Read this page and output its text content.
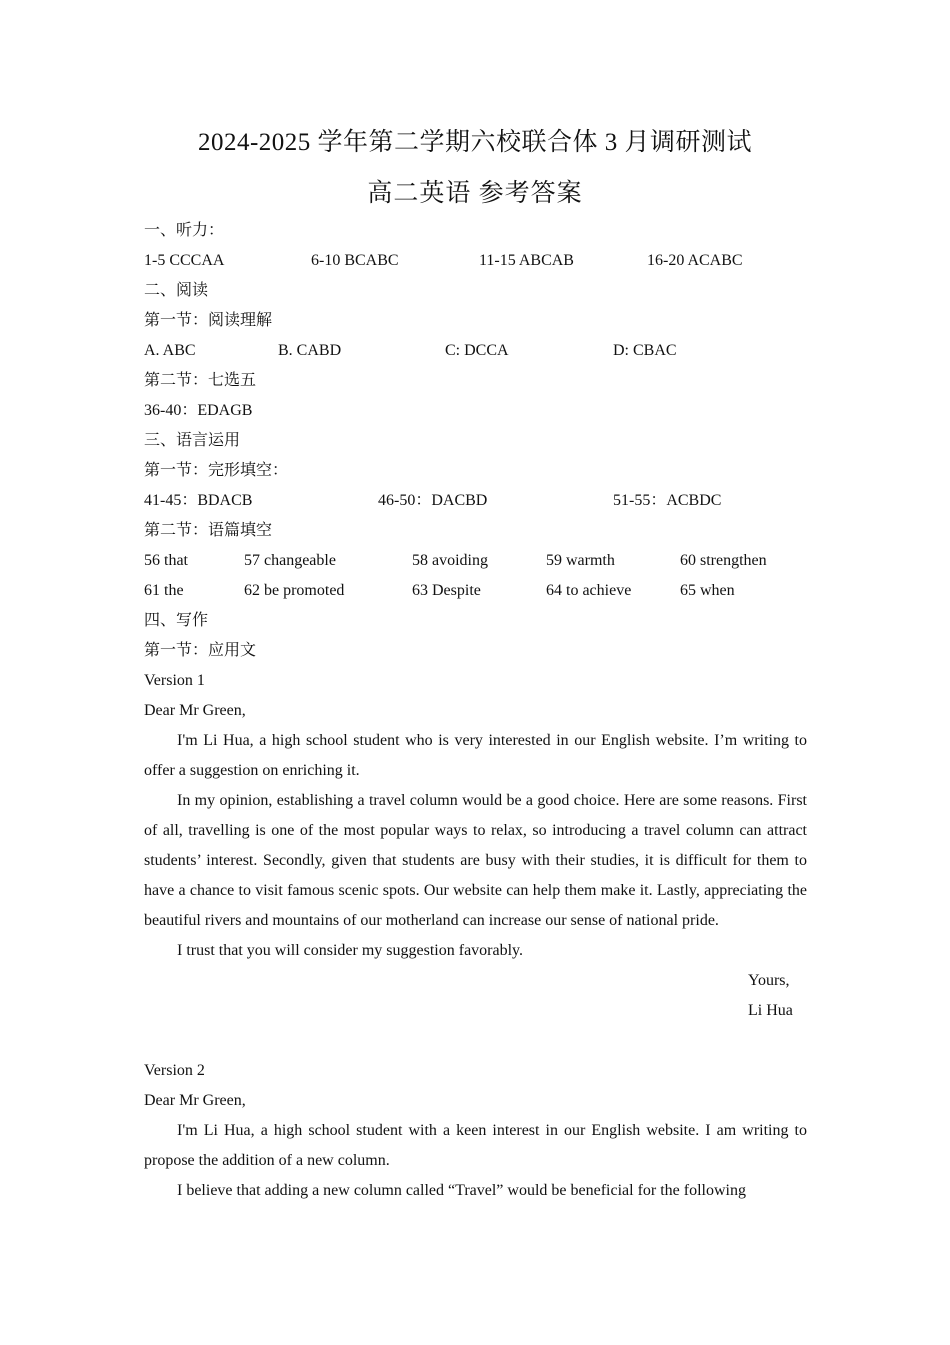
2024-2025 学年第二学期六校联合体 3 月调研测试
高二英语 参考答案
一、听力：
1-5 CCCAA	6-10 BCABC	11-15 ABCAB	16-20 ACABC
二、阅读
第一节：阅读理解
A. ABC	B. CABD	C: DCCA	D: CBAC
第二节：七选五
36-40：EDAGB
三、语言运用
第一节：完形填空：
41-45：BDACB	46-50：DACBD	51-55：ACBDC
第二节：语篇填空
56 that	57 changeable	58 avoiding	59 warmth	60 strengthen
61 the	62 be promoted	63 Despite	64 to achieve	65 when
四、写作
第一节：应用文
Version 1
Dear Mr Green,

I'm Li Hua, a high school student who is very interested in our English website. I’m writing to offer a suggestion on enriching it.

In my opinion, establishing a travel column would be a good choice. Here are some reasons. First of all, travelling is one of the most popular ways to relax, so introducing a travel column can attract students’ interest. Secondly, given that students are busy with their studies, it is difficult for them to have a chance to visit famous scenic spots. Our website can help them make it. Lastly, appreciating the beautiful rivers and mountains of our motherland can increase our sense of national pride.

I trust that you will consider my suggestion favorably.

Yours,
Li Hua
Version 2
Dear Mr Green,

I'm Li Hua, a high school student with a keen interest in our English website. I am writing to propose the addition of a new column.

I believe that adding a new column called “Travel” would be beneficial for the following
